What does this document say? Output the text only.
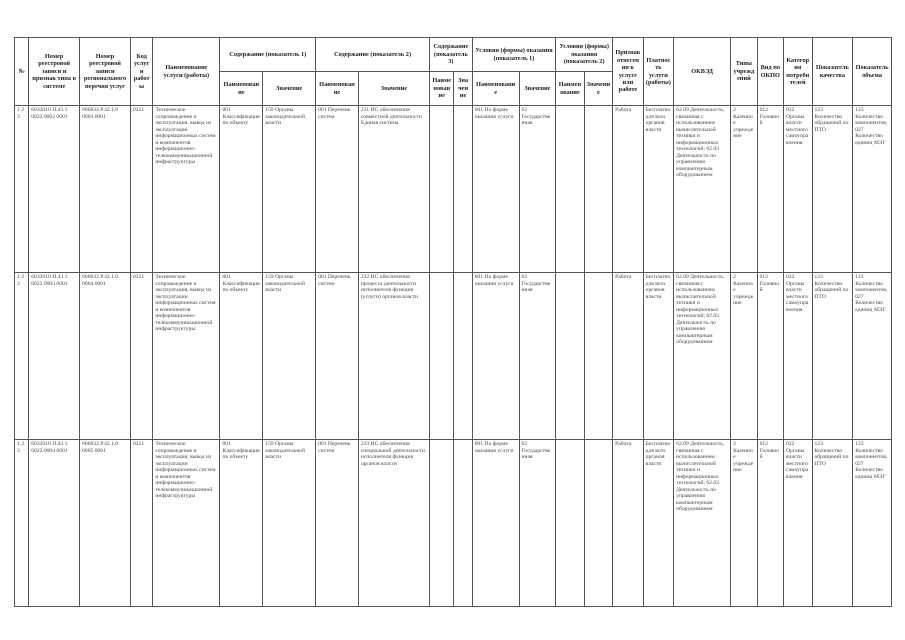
№	Номер реестровой записи и признак типа в системе	Номер реестровой записи регионального перечня услуг	Код услуги работы	Наименование услуги (работы)	Содержание (показатель 1)		Содержание (показатель 2)		Содержание (показатель 3)		Условия (формы) оказания (показатель 1)		Условия (формы) оказания (показатель 2)		Признак отнесения к услуге или работе	Платность услуги (работы)	ОКВЭД	Типы учреждений	Вид по ОКПО	Категория потребителей	Показатель качества	Показатель объема
					Наименование	Значение	Наименование	Значение	Наименование	Значение	Наименование	Значение	Наименование	Значение								
1 2 3	6032010 П.43 1 0022 0002 0001	606032.Р.42.1.0 0003 0001	0221	Техническое сопровождение и эксплуатация, вывод из эксплуатации информационных систем и компонентов информационно-телекоммуникационной инфраструктуры	001 Классификация по объекту	159 Органы законодательной власти	001 Перечень систем	231 ИС обеспечения совместной деятельности Единая система			001 По форме оказания услуги	02 Государственная			Работа	Бесплатно для всех органов власти	62.09 Деятельность, связанная с использованием вычислительной техники и информационных технологий; 62.03 Деятельность по управлению компьютерным оборудованием	2 Казенное учреждение	012 Головной	022 Органы власти местного самоуправления	123 Количество обращений по ПТО	123 Количество компонентов, 027 Количество единиц МЭГ
1 2 3	6032010 П.43 1 0022 0003 0001	606032.Р.42.1.0 0004 0001	0221	Техническое сопровождение и эксплуатация, вывод из эксплуатации информационных систем и компонентов информационно-телекоммуникационной инфраструктуры	001 Классификация по объекту	159 Органы законодательной власти	001 Перечень систем	232 ИС обеспечения процесса деятельности исполнителя функции (услуги) органов власти			001 По форме оказания услуги	02 Государственная			Работа	Бесплатно для всех органов власти	62.09 Деятельность, связанная с использованием вычислительной техники и информационных технологий; 62.03 Деятельность по управлению компьютерным оборудованием	2 Казенное учреждение	012 Головной	022 Органы власти местного самоуправления	123 Количество обращений по ПТО	123 Количество компонентов, 027 Количество единиц МЭГ
1 2 3	6032010 П.43 1 0022 0004 0001	606032.Р.42.1.0 0005 0001	0221	Техническое сопровождение и эксплуатация, вывод из эксплуатации информационных систем и компонентов информационно-телекоммуникационной инфраструктуры	001 Классификация по объекту	159 Органы законодательной власти	001 Перечень систем	233 ИС обеспечения специальной деятельности исполнителя функции органов власти			001 По форме оказания услуги	02 Государственная			Работа	Бесплатно для всех органов власти	62.09 Деятельность, связанная с использованием вычислительной техники и информационных технологий; 62.03 Деятельность по управлению компьютерным оборудованием	2 Казенное учреждение	012 Головной	022 Органы власти местного самоуправления	123 Количество обращений по ПТО	123 Количество компонентов, 027 Количество единиц МЭГ
